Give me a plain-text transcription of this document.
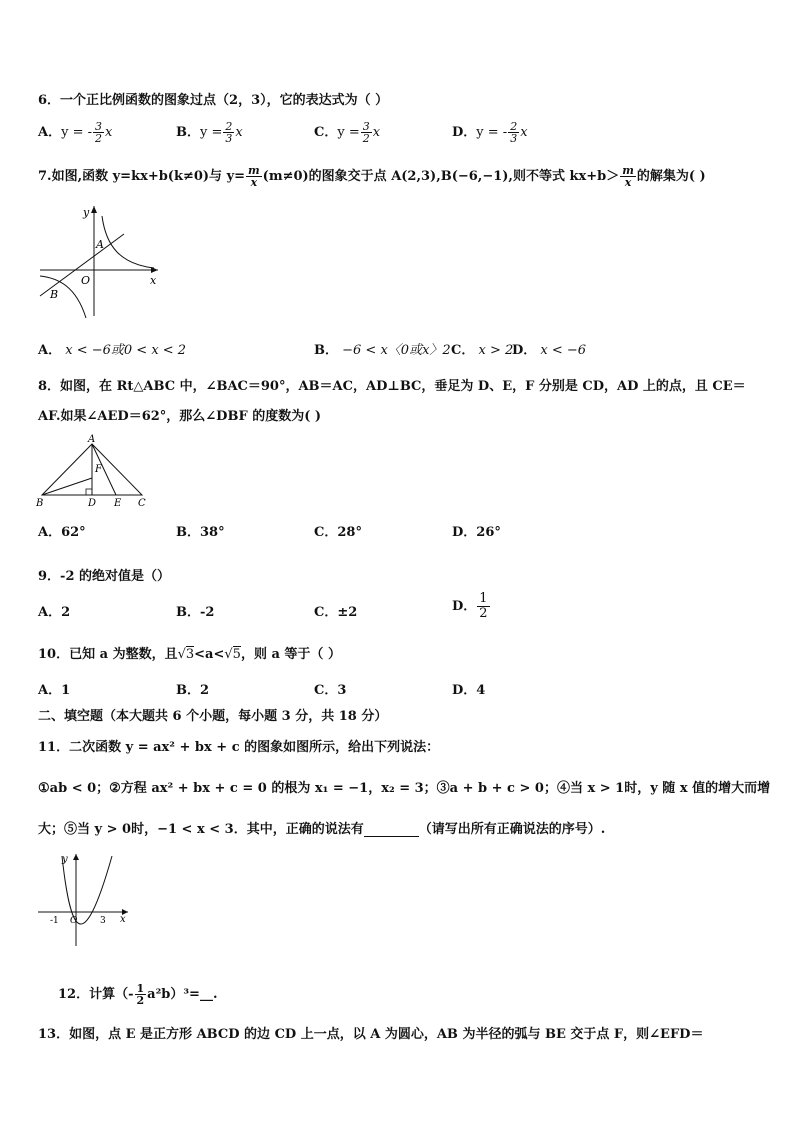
6．一个正比例函数的图象过点（2，3），它的表达式为（ ）
A．y = - $\frac{3}{2}$ x	B．$y = \frac{2}{3}$ x	C．$y = \frac{3}{2}$ x	D．y = - $\frac{2}{3}$ x
7.如图,函数 y=kx+b(k≠0)与 $y= \frac{m}{x} (m\ne 0)$的图象交于点 A(2,3),B(−6,−1),则不等式 $kx+b> \frac{m}{x}$ 的解集为( )
y
x
O
A
B
A． x < −6或0 < x < 2	B． −6 < x〈0或x〉2 C． x > 2
D． x < −6
8．如图，在 Rt△ABC 中，∠BAC＝90°，AB＝AC，AD⊥BC，垂足为 D、E，F 分别是 CD，AD 上的点，且 CE＝
AF.如果∠AED＝62°，那么∠DBF 的度数为( )
A
B	C
D E
F
A．62°	B．38°	C．28°	D．26°
9．-2 的绝对值是（）
A．2	B．-2	C．±2	D． $\frac{1}{2}$
10．已知 a 为整数，且√3<a<√5，则 a 等于（ ）
A．1	B．2	C．3	D．4
二、填空题（本大题共 6 个小题，每小题 3 分，共 18 分）
11．二次函数 y = ax² + bx + c 的图象如图所示，给出下列说法：
①ab < 0；②方程 ax² + bx + c = 0 的根为 x₁ = −1，x₂ = 3；③a + b + c > 0；④当 x > 1时，y 随 x 值的增大而增
大；⑤当 y > 0时，−1 < x < 3．其中，正确的说法有	（请写出所有正确说法的序号）.
y
x
O
-1	3
12．计算（- $\frac{1}{2}$ a²b）³=__.
13．如图，点 E 是正方形 ABCD 的边 CD 上一点，以 A 为圆心，AB 为半径的弧与 BE 交于点 F，则∠EFD＝
